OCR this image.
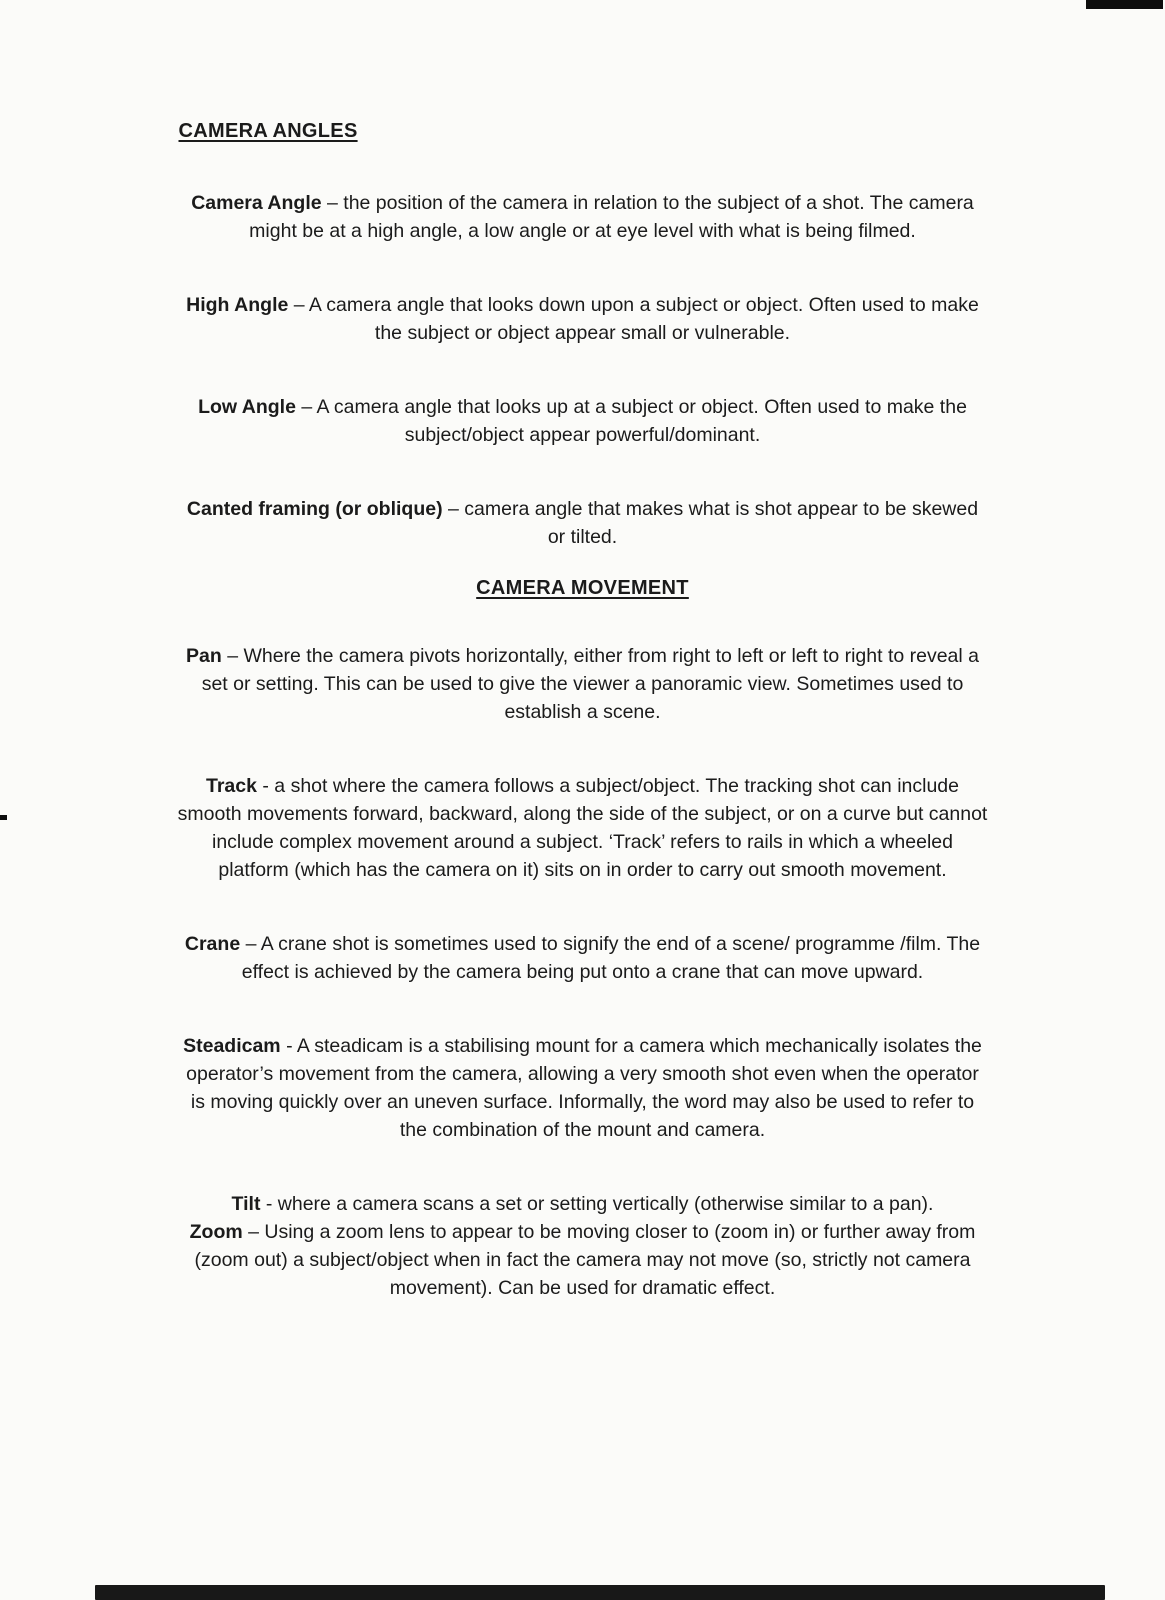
CAMERA ANGLES

Camera Angle – the position of the camera in relation to the subject of a shot. The camera might be at a high angle, a low angle or at eye level with what is being filmed.

High Angle – A camera angle that looks down upon a subject or object. Often used to make the subject or object appear small or vulnerable.

Low Angle – A camera angle that looks up at a subject or object. Often used to make the subject/object appear powerful/dominant.

Canted framing (or oblique) – camera angle that makes what is shot appear to be skewed or tilted.

CAMERA MOVEMENT

Pan – Where the camera pivots horizontally, either from right to left or left to right to reveal a set or setting. This can be used to give the viewer a panoramic view. Sometimes used to establish a scene.

Track - a shot where the camera follows a subject/object. The tracking shot can include smooth movements forward, backward, along the side of the subject, or on a curve but cannot include complex movement around a subject. ‘Track’ refers to rails in which a wheeled platform (which has the camera on it) sits on in order to carry out smooth movement.

Crane – A crane shot is sometimes used to signify the end of a scene/ programme /film. The effect is achieved by the camera being put onto a crane that can move upward.

Steadicam - A steadicam is a stabilising mount for a camera which mechanically isolates the operator’s movement from the camera, allowing a very smooth shot even when the operator is moving quickly over an uneven surface. Informally, the word may also be used to refer to the combination of the mount and camera.

Tilt - where a camera scans a set or setting vertically (otherwise similar to a pan).

Zoom – Using a zoom lens to appear to be moving closer to (zoom in) or further away from (zoom out) a subject/object when in fact the camera may not move (so, strictly not camera movement). Can be used for dramatic effect.
